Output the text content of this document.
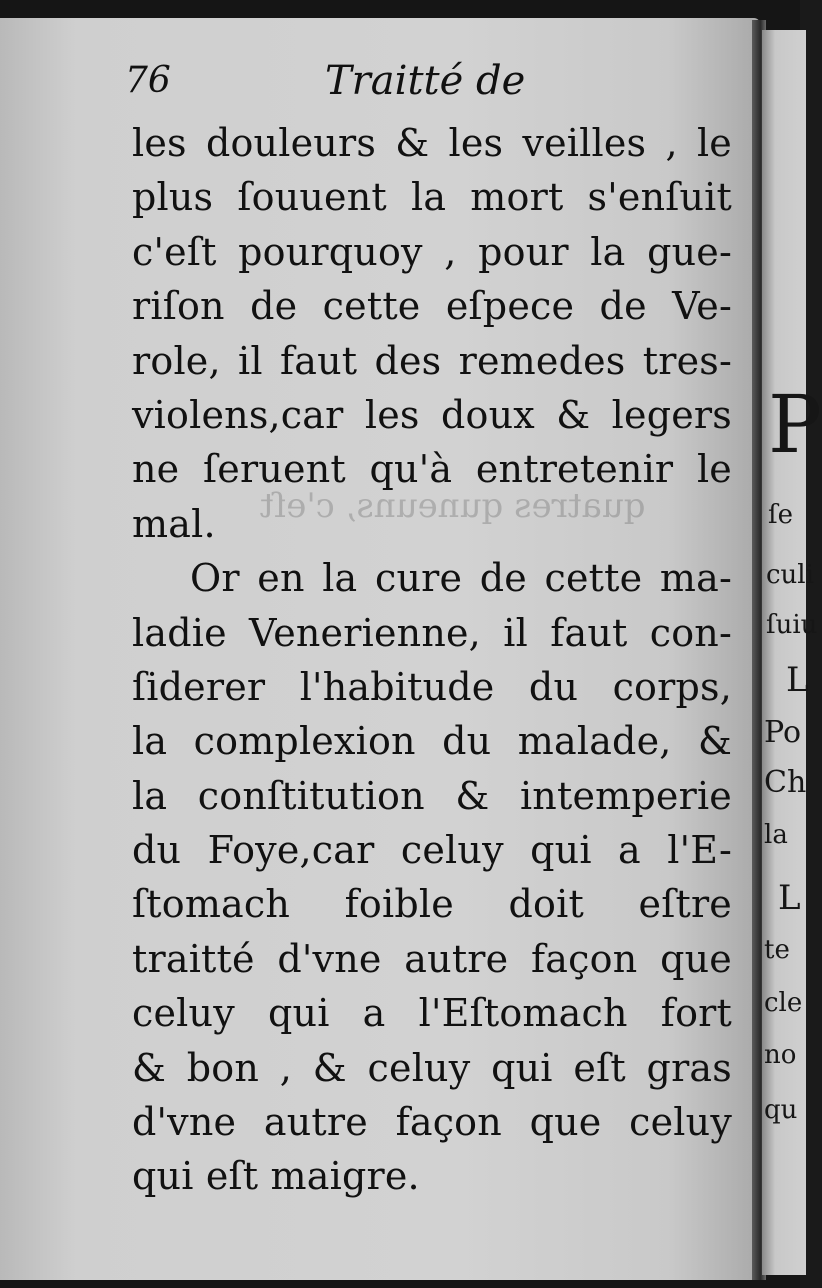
76	Traitté de

quatres quneuns, c'eſt

les douleurs & les veilles , le
plus ſouuent la mort s'enſuit
c'eſt pourquoy , pour la gue-
riſon de cette eſpece de Ve-
role, il faut des remedes tres-
violens,car les doux & legers
ne ſeruent qu'à entretenir le
mal.
Or en la cure de cette ma-
ladie Venerienne, il faut con-
ſiderer l'habitude du corps,
la complexion du malade, &
la conſtitution & intemperie
du Foye,car celuy qui a l'E-
ſtomach foible doit eſtre
traitté d'vne autre façon que
celuy qui a l'Eſtomach fort
& bon , & celuy qui eſt gras
d'vne autre façon que celuy
qui eſt maigre.

P

ſe

culi

ſuiu

L

Po

Ch

la

L

te

cle

no

qu
